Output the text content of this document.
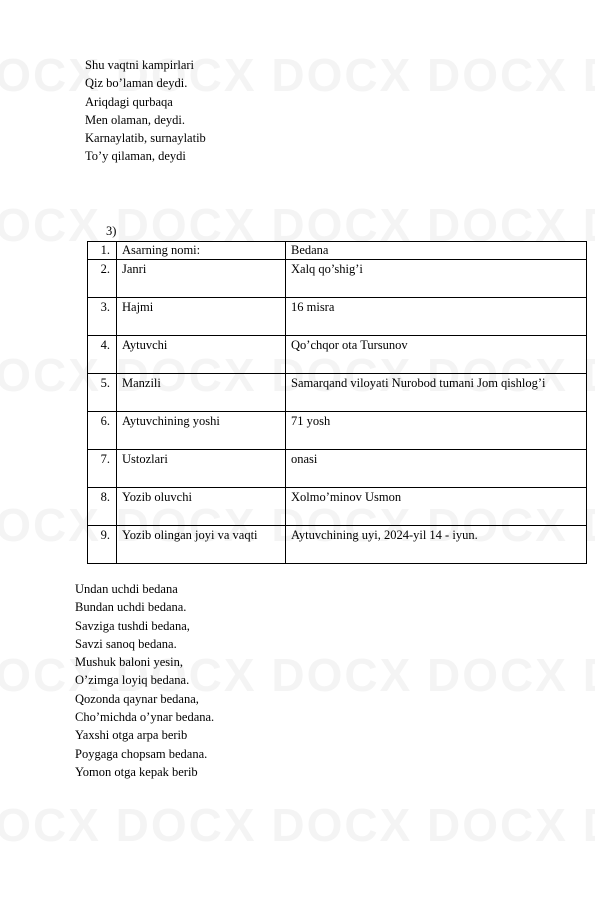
Shu vaqtni kampirlari
Qiz bo’laman deydi.
Ariqdagi qurbaqa
Men olaman, deydi.
Karnaylatib, surnaylatib
To’y qilaman, deydi
3)
1.	Asarning nomi:	Bedana
2.	Janri	Xalq qo’shig’i
3.	Hajmi	16 misra
4.	Aytuvchi	Qo’chqor ota Tursunov
5.	Manzili	Samarqand viloyati Nurobod tumani Jom qishlog’i
6.	Aytuvchining yoshi	71 yosh
7.	Ustozlari	onasi
8.	Yozib oluvchi	Xolmo’minov Usmon
9.	Yozib olingan joyi va vaqti	Aytuvchining uyi, 2024-yil 14 - iyun.
Undan uchdi bedana
Bundan uchdi bedana.
Savziga tushdi bedana,
Savzi sanoq bedana.
Mushuk baloni yesin,
O’zimga loyiq bedana.
Qozonda qaynar bedana,
Cho’michda o’ynar bedana.
Yaxshi otga arpa berib
Poygaga chopsam bedana.
Yomon otga kepak berib
